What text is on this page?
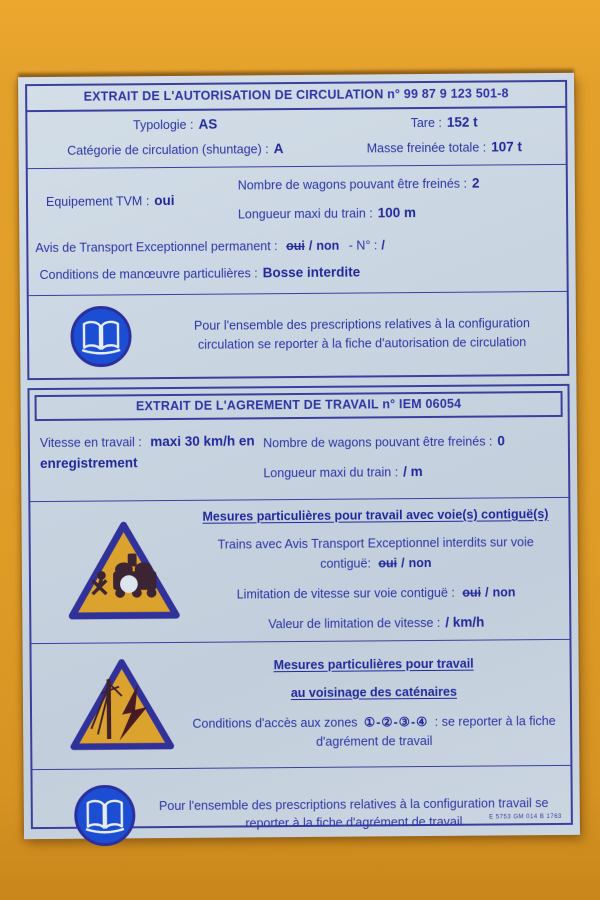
EXTRAIT DE L'AUTORISATION DE CIRCULATION n° 99 87 9 123 501-8
Typologie : AS	Tare : 152 t
Catégorie de circulation (shuntage) : A	Masse freinée totale : 107 t
Equipement TVM : oui
Nombre de wagons pouvant être freinés : 2
Longueur maxi du train : 100 m
Avis de Transport Exceptionnel permanent : oui / non - N° : /
Conditions de manœuvre particulières : Bosse interdite
Pour l'ensemble des prescriptions relatives à la configuration circulation se reporter à la fiche d'autorisation de circulation
EXTRAIT DE L'AGREMENT DE TRAVAIL n° IEM 06054
Vitesse en travail : maxi 30 km/h en enregistrement
Nombre de wagons pouvant être freinés : 0
Longueur maxi du train : / m
Mesures particulières pour travail avec voie(s) contiguë(s)
Trains avec Avis Transport Exceptionnel interdits sur voie contiguë: oui / non
Limitation de vitesse sur voie contiguë : oui / non
Valeur de limitation de vitesse : / km/h
Mesures particulières pour travail
au voisinage des caténaires
Conditions d'accès aux zones ①-②-③-④ : se reporter à la fiche d'agrément de travail
Pour l'ensemble des prescriptions relatives à la configuration travail se reporter à la fiche d'agrément de travail	E 5753 GM 014 B 1763
